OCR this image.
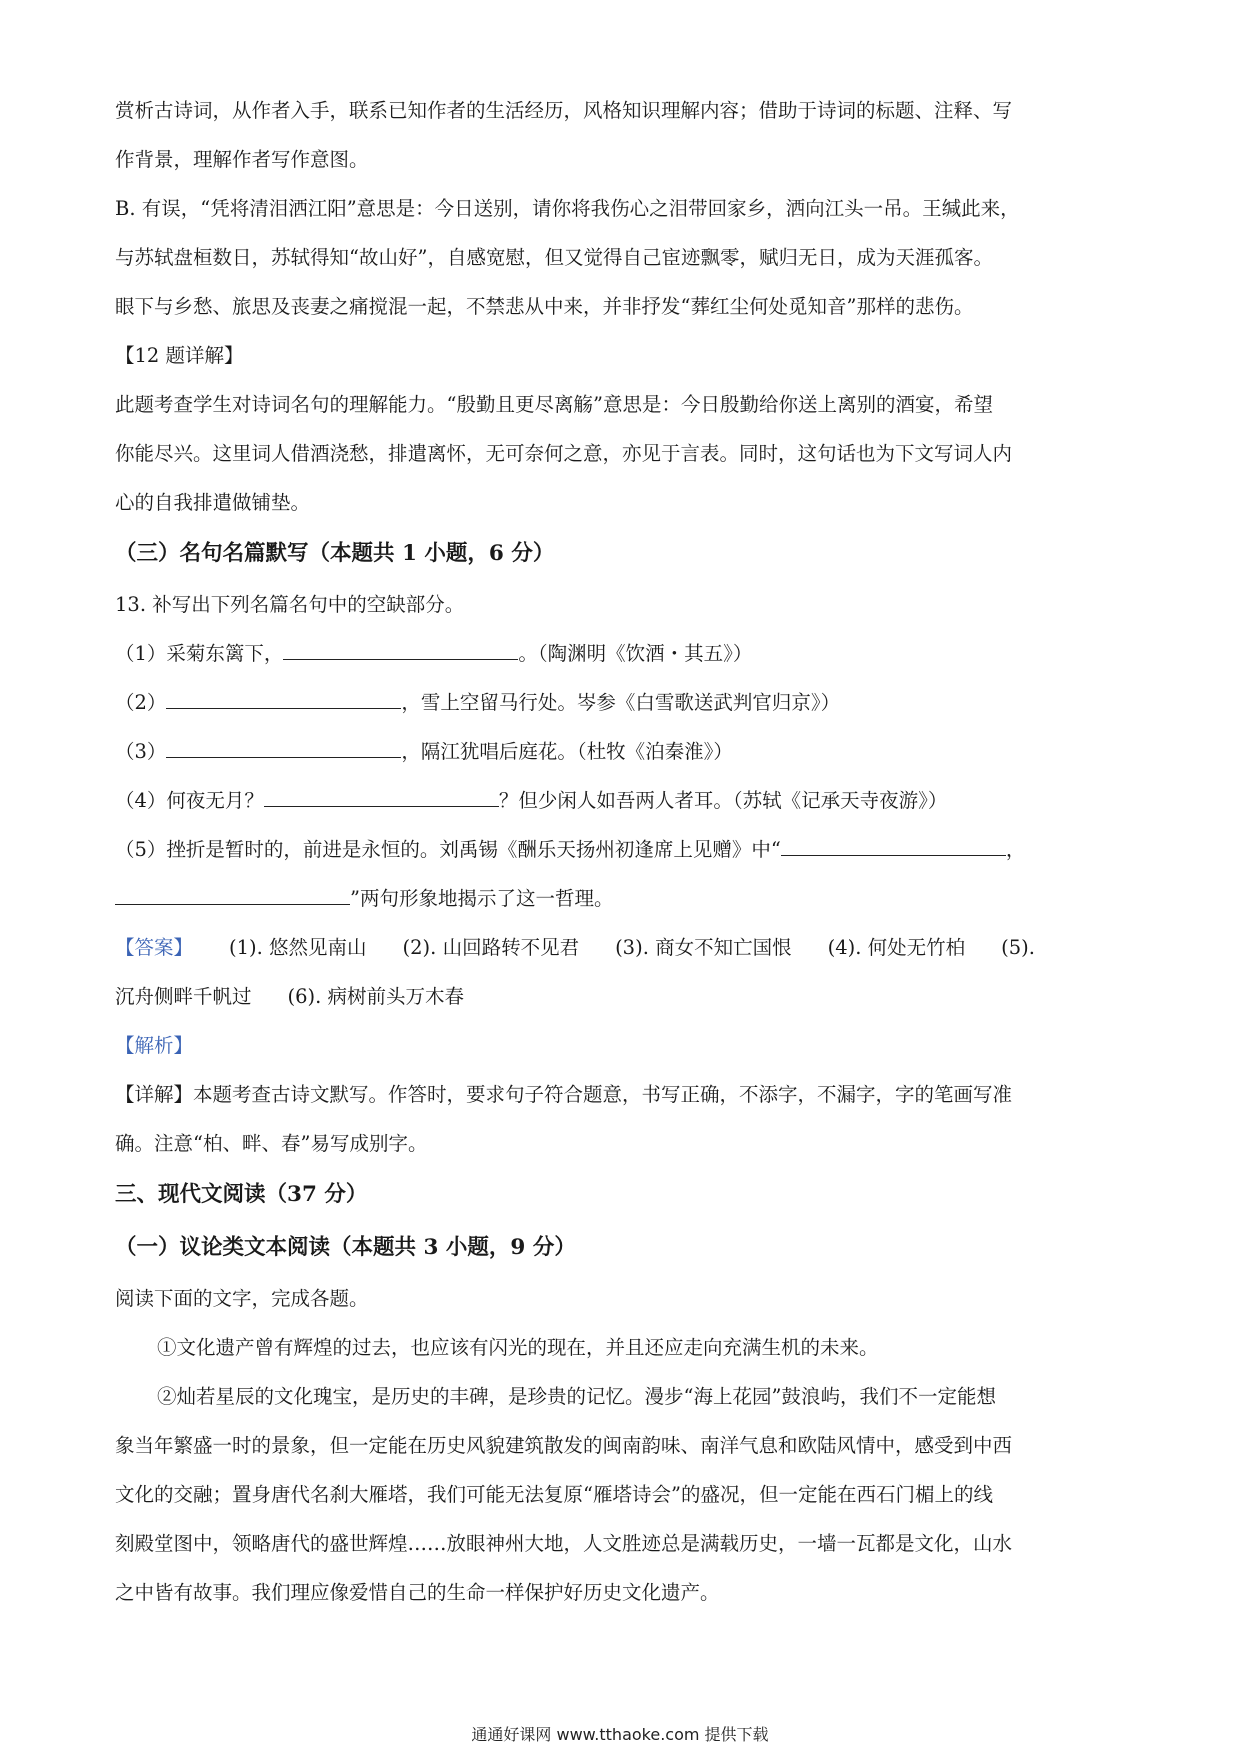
赏析古诗词，从作者入手，联系已知作者的生活经历，风格知识理解内容；借助于诗词的标题、注释、写

作背景，理解作者写作意图。

B. 有误，“凭将清泪洒江阳”意思是：今日送别，请你将我伤心之泪带回家乡，洒向江头一吊。王缄此来，

与苏轼盘桓数日，苏轼得知“故山好”，自感宽慰，但又觉得自己宦迹飘零，赋归无日，成为天涯孤客。

眼下与乡愁、旅思及丧妻之痛搅混一起，不禁悲从中来，并非抒发“葬红尘何处觅知音”那样的悲伤。

【12 题详解】

此题考查学生对诗词名句的理解能力。“殷勤且更尽离觞”意思是：今日殷勤给你送上离别的酒宴，希望

你能尽兴。这里词人借酒浇愁，排遣离怀，无可奈何之意，亦见于言表。同时，这句话也为下文写词人内

心的自我排遣做铺垫。

（三）名句名篇默写（本题共 1 小题，6 分）

13. 补写出下列名篇名句中的空缺部分。

（1）采菊东篱下，	。（陶渊明《饮酒・其五》）

（2）	，雪上空留马行处。岑参《白雪歌送武判官归京》）

（3）	，隔江犹唱后庭花。（杜牧《泊秦淮》）

（4）何夜无月？	？但少闲人如吾两人者耳。（苏轼《记承天寺夜游》）

（5）挫折是暂时的，前进是永恒的。刘禹锡《酬乐天扬州初逢席上见赠》中“	，

”两句形象地揭示了这一哲理。

【答案】 (1). 悠然见南山 (2). 山回路转不见君 (3). 商女不知亡国恨 (4). 何处无竹柏 (5).

沉舟侧畔千帆过 (6). 病树前头万木春

【解析】

【详解】本题考查古诗文默写。作答时，要求句子符合题意，书写正确，不添字，不漏字，字的笔画写准

确。注意“柏、畔、春”易写成别字。

三、现代文阅读（37 分）

（一）议论类文本阅读（本题共 3 小题，9 分）

阅读下面的文字，完成各题。

①文化遗产曾有辉煌的过去，也应该有闪光的现在，并且还应走向充满生机的未来。

②灿若星辰的文化瑰宝，是历史的丰碑，是珍贵的记忆。漫步“海上花园”鼓浪屿，我们不一定能想

象当年繁盛一时的景象，但一定能在历史风貌建筑散发的闽南韵味、南洋气息和欧陆风情中，感受到中西

文化的交融；置身唐代名刹大雁塔，我们可能无法复原“雁塔诗会”的盛况，但一定能在西石门楣上的线

刻殿堂图中，领略唐代的盛世辉煌……放眼神州大地，人文胜迹总是满载历史，一墙一瓦都是文化，山水

之中皆有故事。我们理应像爱惜自己的生命一样保护好历史文化遗产。

通通好课网 www.tthaoke.com 提供下载
